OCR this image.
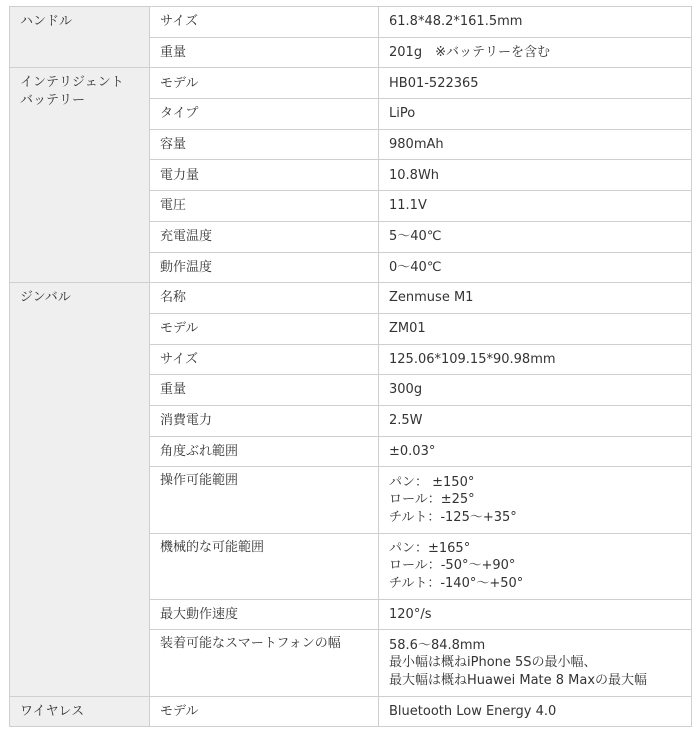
ハンドル	サイズ	61.8*48.2*161.5mm

	重量	201g　※バッテリーを含む

インテリジェント
バッテリー	モデル	HB01-522365

	タイプ	LiPo

	容量	980mAh

	電力量	10.8Wh

	電圧	11.1V

	充電温度	5～40℃

	動作温度	0～40℃

ジンバル	名称	Zenmuse M1

	モデル	ZM01

	サイズ	125.06*109.15*90.98mm

	重量	300g

	消費電力	2.5W

	角度ぶれ範囲	±0.03°

	操作可能範囲	パン： ±150°
ロール：±25°
チルト：-125～+35°

	機械的な可能範囲	パン：±165°
ロール：-50°～+90°
チルト：-140°～+50°

	最大動作速度	120°/s

	装着可能なスマートフォンの幅	58.6～84.8mm
最小幅は概ねiPhone 5Sの最小幅、
最大幅は概ねHuawei Mate 8 Maxの最大幅

ワイヤレス	モデル	Bluetooth Low Energy 4.0
